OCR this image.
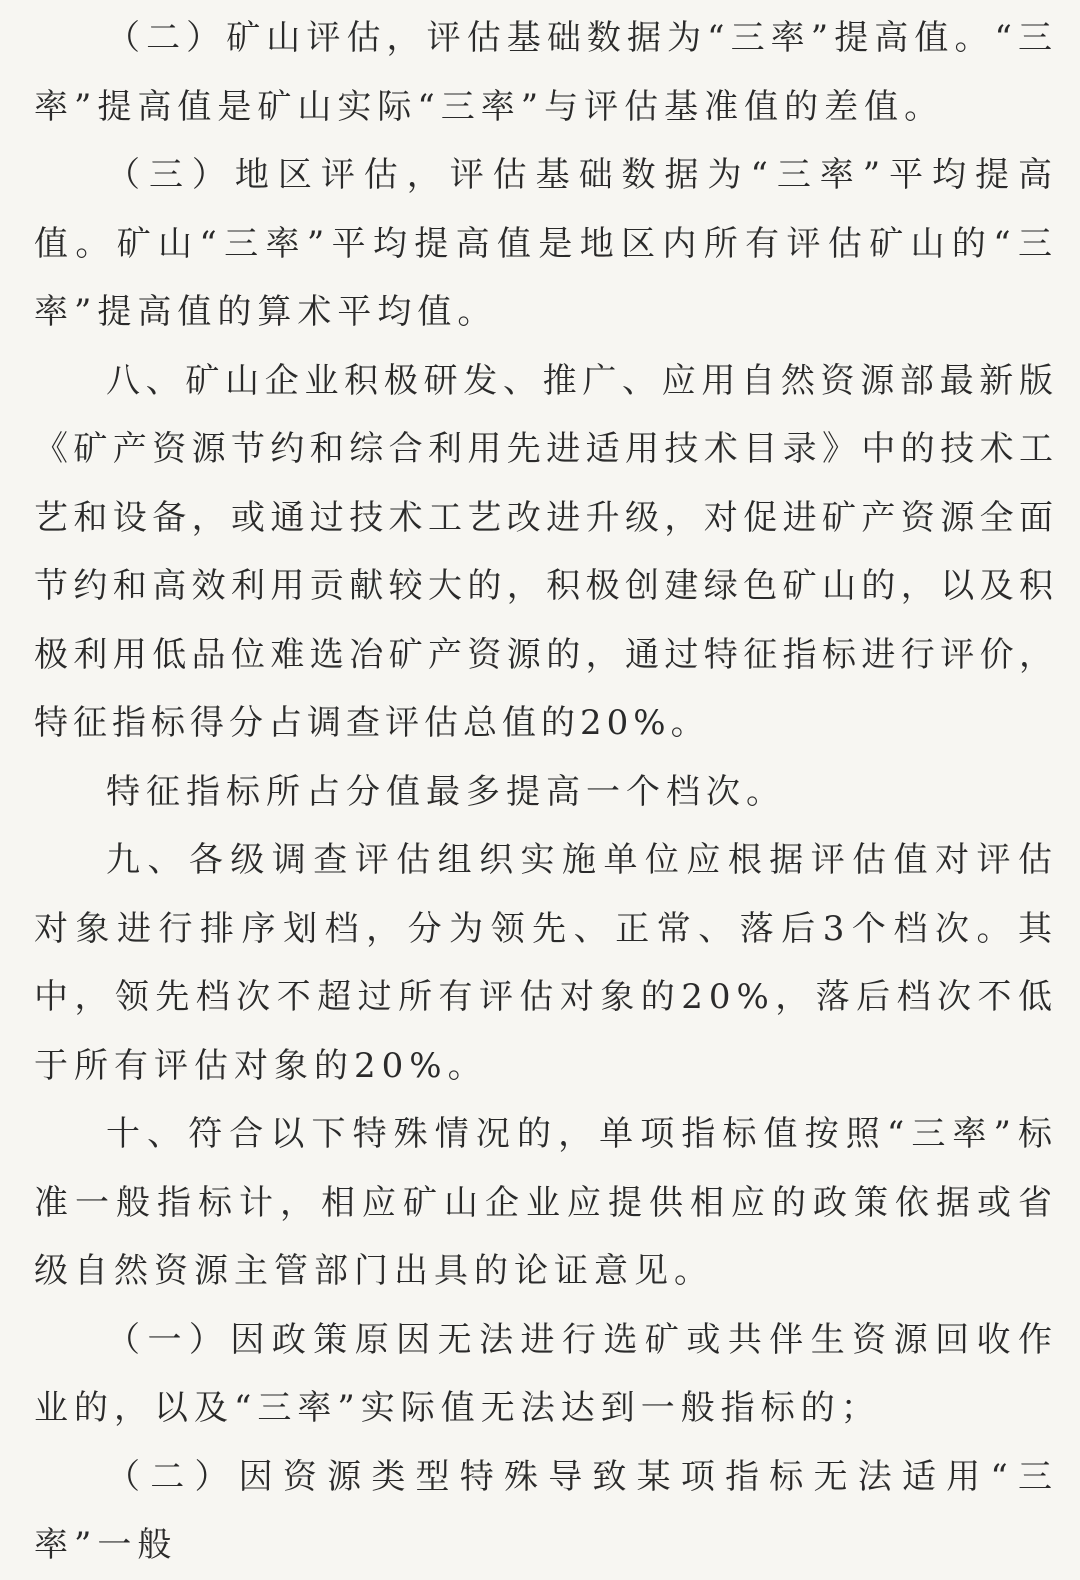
（二）矿山评估，评估基础数据为“三率”提高值。“三率”提高值是矿山实际“三率”与评估基准值的差值。

（三）地区评估，评估基础数据为“三率”平均提高值。矿山“三率”平均提高值是地区内所有评估矿山的“三率”提高值的算术平均值。

八、矿山企业积极研发、推广、应用自然资源部最新版《矿产资源节约和综合利用先进适用技术目录》中的技术工艺和设备，或通过技术工艺改进升级，对促进矿产资源全面节约和高效利用贡献较大的，积极创建绿色矿山的，以及积极利用低品位难选冶矿产资源的，通过特征指标进行评价，特征指标得分占调查评估总值的20%。

特征指标所占分值最多提高一个档次。

九、各级调查评估组织实施单位应根据评估值对评估对象进行排序划档，分为领先、正常、落后3个档次。其中，领先档次不超过所有评估对象的20%，落后档次不低于所有评估对象的20%。

十、符合以下特殊情况的，单项指标值按照“三率”标准一般指标计，相应矿山企业应提供相应的政策依据或省级自然资源主管部门出具的论证意见。

（一）因政策原因无法进行选矿或共伴生资源回收作业的，以及“三率”实际值无法达到一般指标的；

（二）因资源类型特殊导致某项指标无法适用“三率”一般
